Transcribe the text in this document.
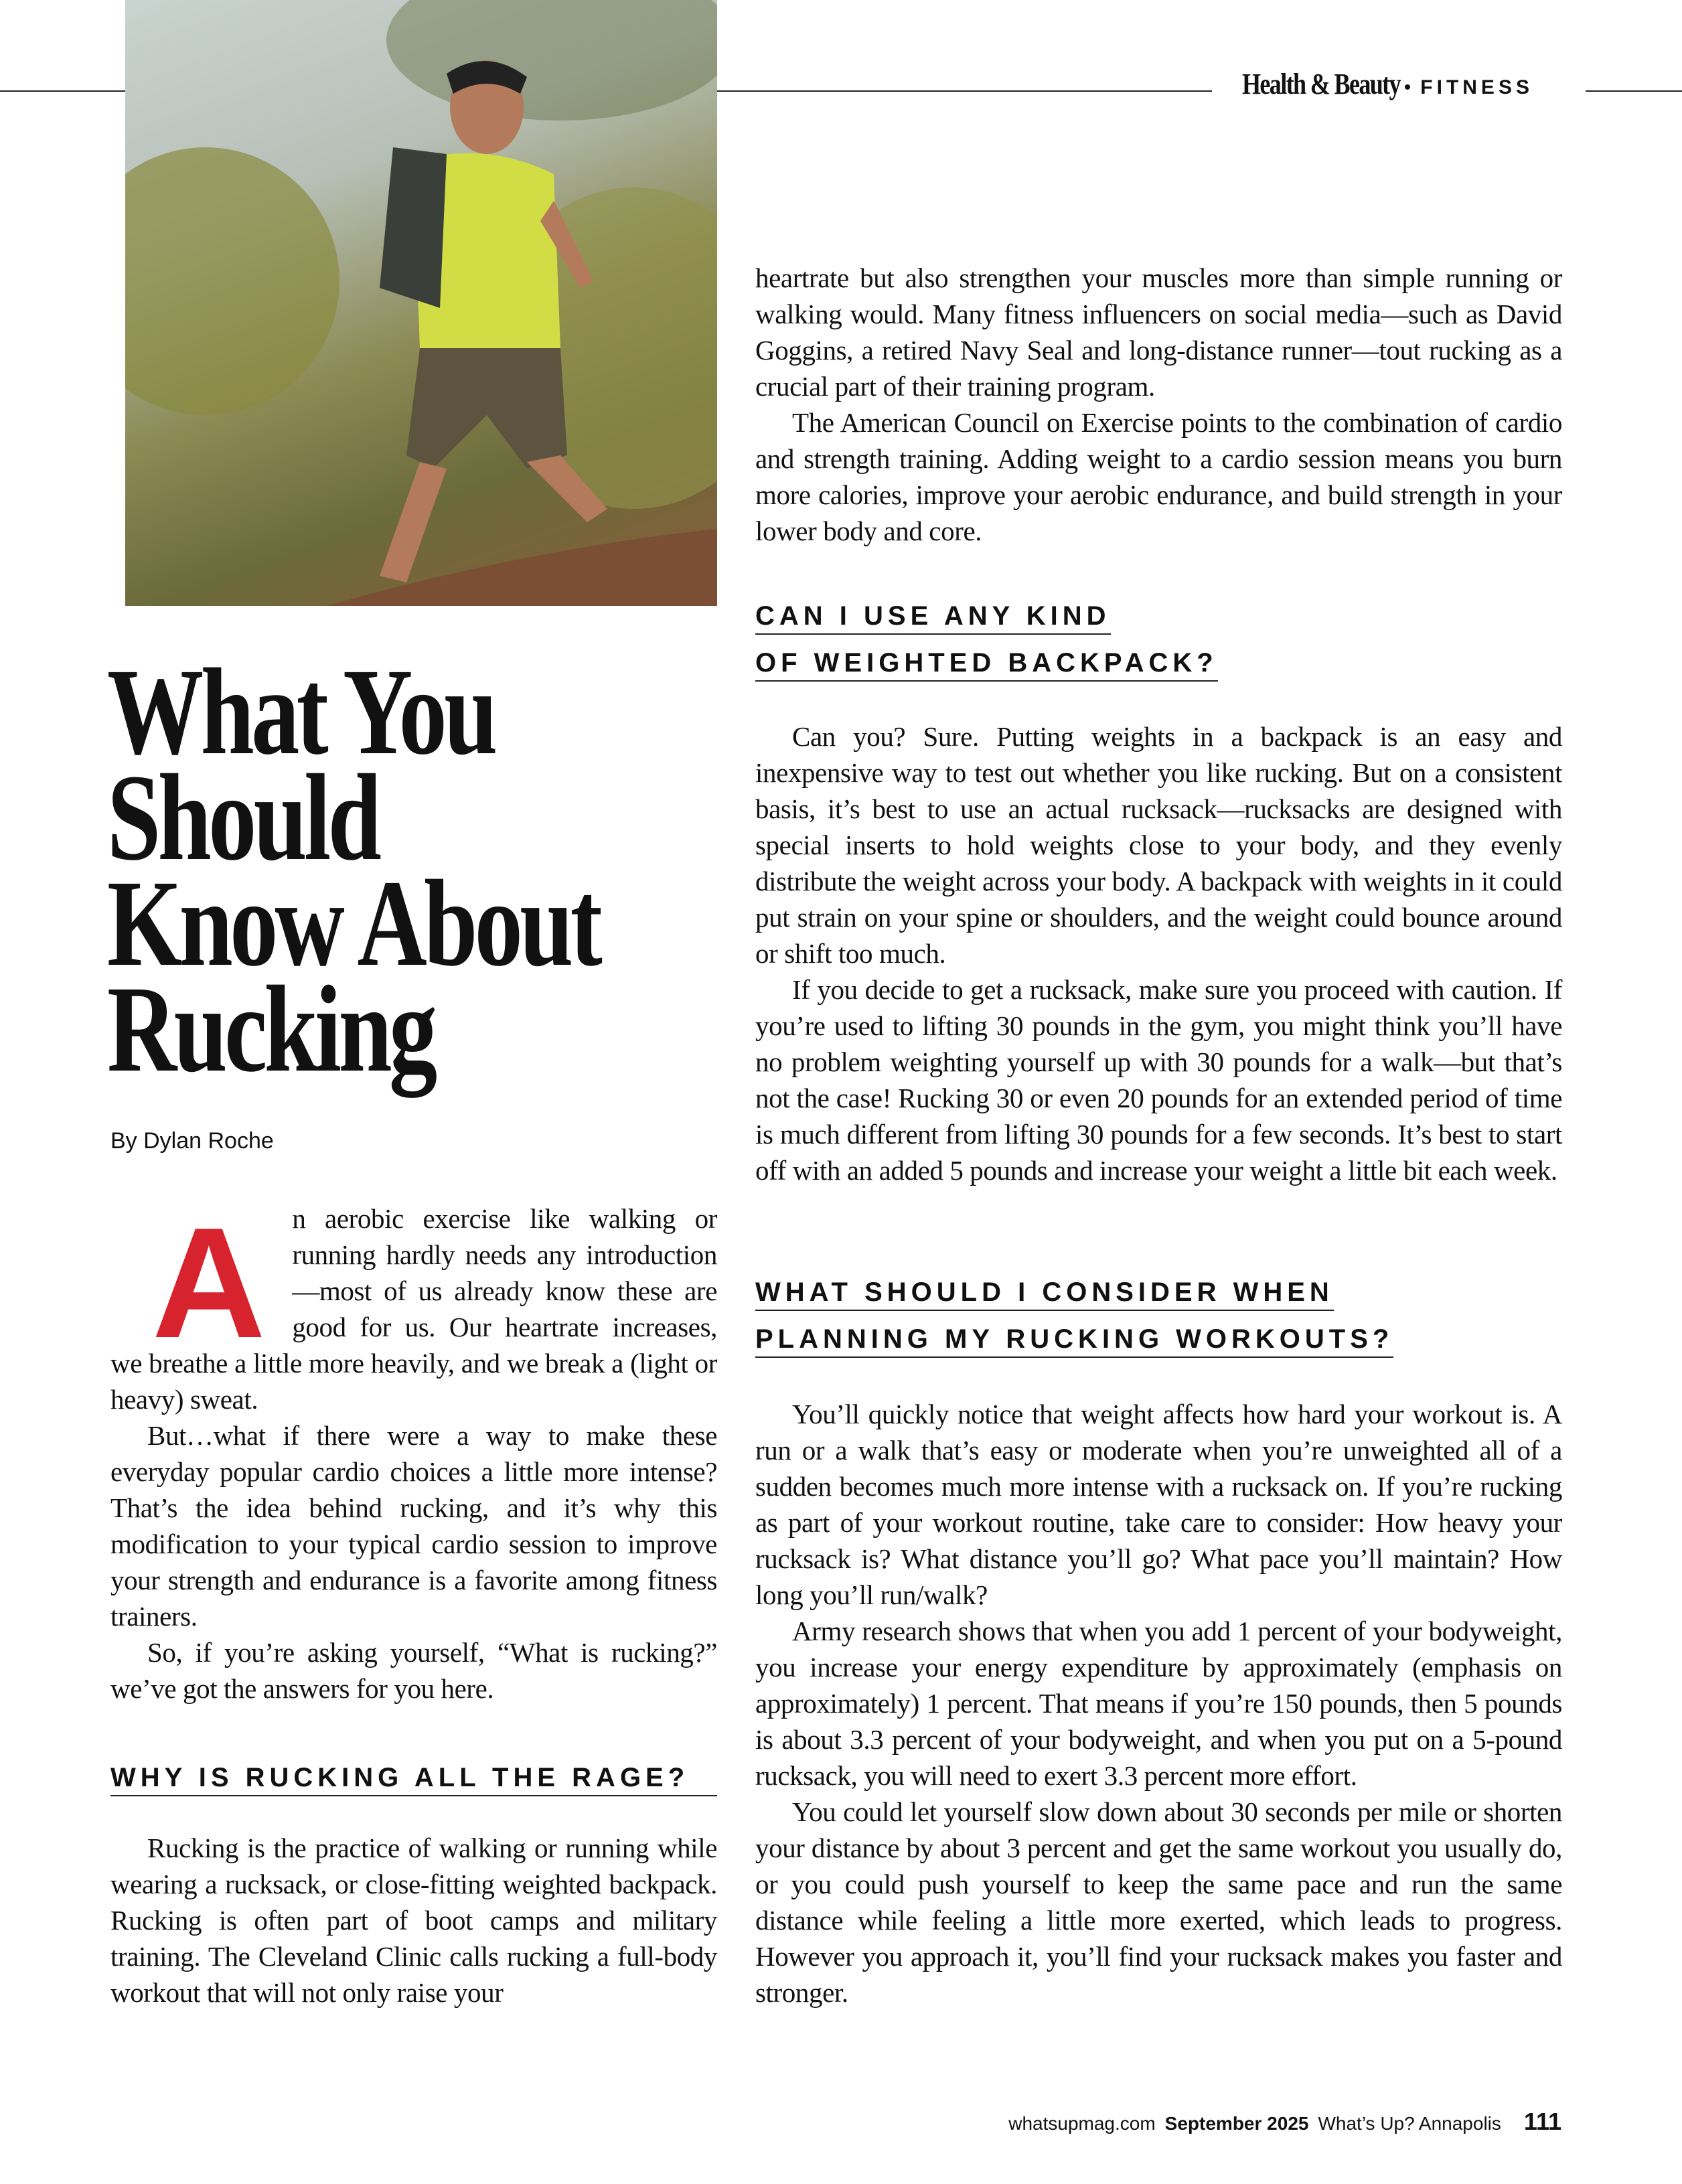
Health & Beauty • FITNESS
What You
Should
Know About
Rucking
By Dylan Roche

An aerobic exercise like walking or running hardly needs any introduction—most of us already know these are good for us. Our heartrate increases, we breathe a little more heavily, and we break a (light or heavy) sweat.

But…what if there were a way to make these everyday popular cardio choices a little more intense? That’s the idea behind rucking, and it’s why this modification to your typical cardio session to improve your strength and endurance is a favorite among fitness trainers.

So, if you’re asking yourself, “What is rucking?” we’ve got the answers for you here.

WHY IS RUCKING ALL THE RAGE?

Rucking is the practice of walking or running while wearing a rucksack, or close-fitting weighted backpack. Rucking is often part of boot camps and military training. The Cleveland Clinic calls rucking a full-body workout that will not only raise your

heartrate but also strengthen your muscles more than simple running or walking would. Many fitness influencers on social media—such as David Goggins, a retired Navy Seal and long-distance runner—tout rucking as a crucial part of their training program.

The American Council on Exercise points to the combination of cardio and strength training. Adding weight to a cardio session means you burn more calories, improve your aerobic endurance, and build strength in your lower body and core.

CAN I USE ANY KIND
OF WEIGHTED BACKPACK?

Can you? Sure. Putting weights in a backpack is an easy and inexpensive way to test out whether you like rucking. But on a consistent basis, it’s best to use an actual rucksack—rucksacks are designed with special inserts to hold weights close to your body, and they evenly distribute the weight across your body. A backpack with weights in it could put strain on your spine or shoulders, and the weight could bounce around or shift too much.

If you decide to get a rucksack, make sure you proceed with caution. If you’re used to lifting 30 pounds in the gym, you might think you’ll have no problem weighting yourself up with 30 pounds for a walk—but that’s not the case! Rucking 30 or even 20 pounds for an extended period of time is much different from lifting 30 pounds for a few seconds. It’s best to start off with an added 5 pounds and increase your weight a little bit each week.

WHAT SHOULD I CONSIDER WHEN
PLANNING MY RUCKING WORKOUTS?

You’ll quickly notice that weight affects how hard your workout is. A run or a walk that’s easy or moderate when you’re unweighted all of a sudden becomes much more intense with a rucksack on. If you’re rucking as part of your workout routine, take care to consider: How heavy your rucksack is? What distance you’ll go? What pace you’ll maintain? How long you’ll run/walk?

Army research shows that when you add 1 percent of your bodyweight, you increase your energy expenditure by approximately (emphasis on approximately) 1 percent. That means if you’re 150 pounds, then 5 pounds is about 3.3 percent of your bodyweight, and when you put on a 5-pound rucksack, you will need to exert 3.3 percent more effort.

You could let yourself slow down about 30 seconds per mile or shorten your distance by about 3 percent and get the same workout you usually do, or you could push yourself to keep the same pace and run the same distance while feeling a little more exerted, which leads to progress. However you approach it, you’ll find your rucksack makes you faster and stronger.

whatsupmag.com September 2025 What’s Up? Annapolis 111
